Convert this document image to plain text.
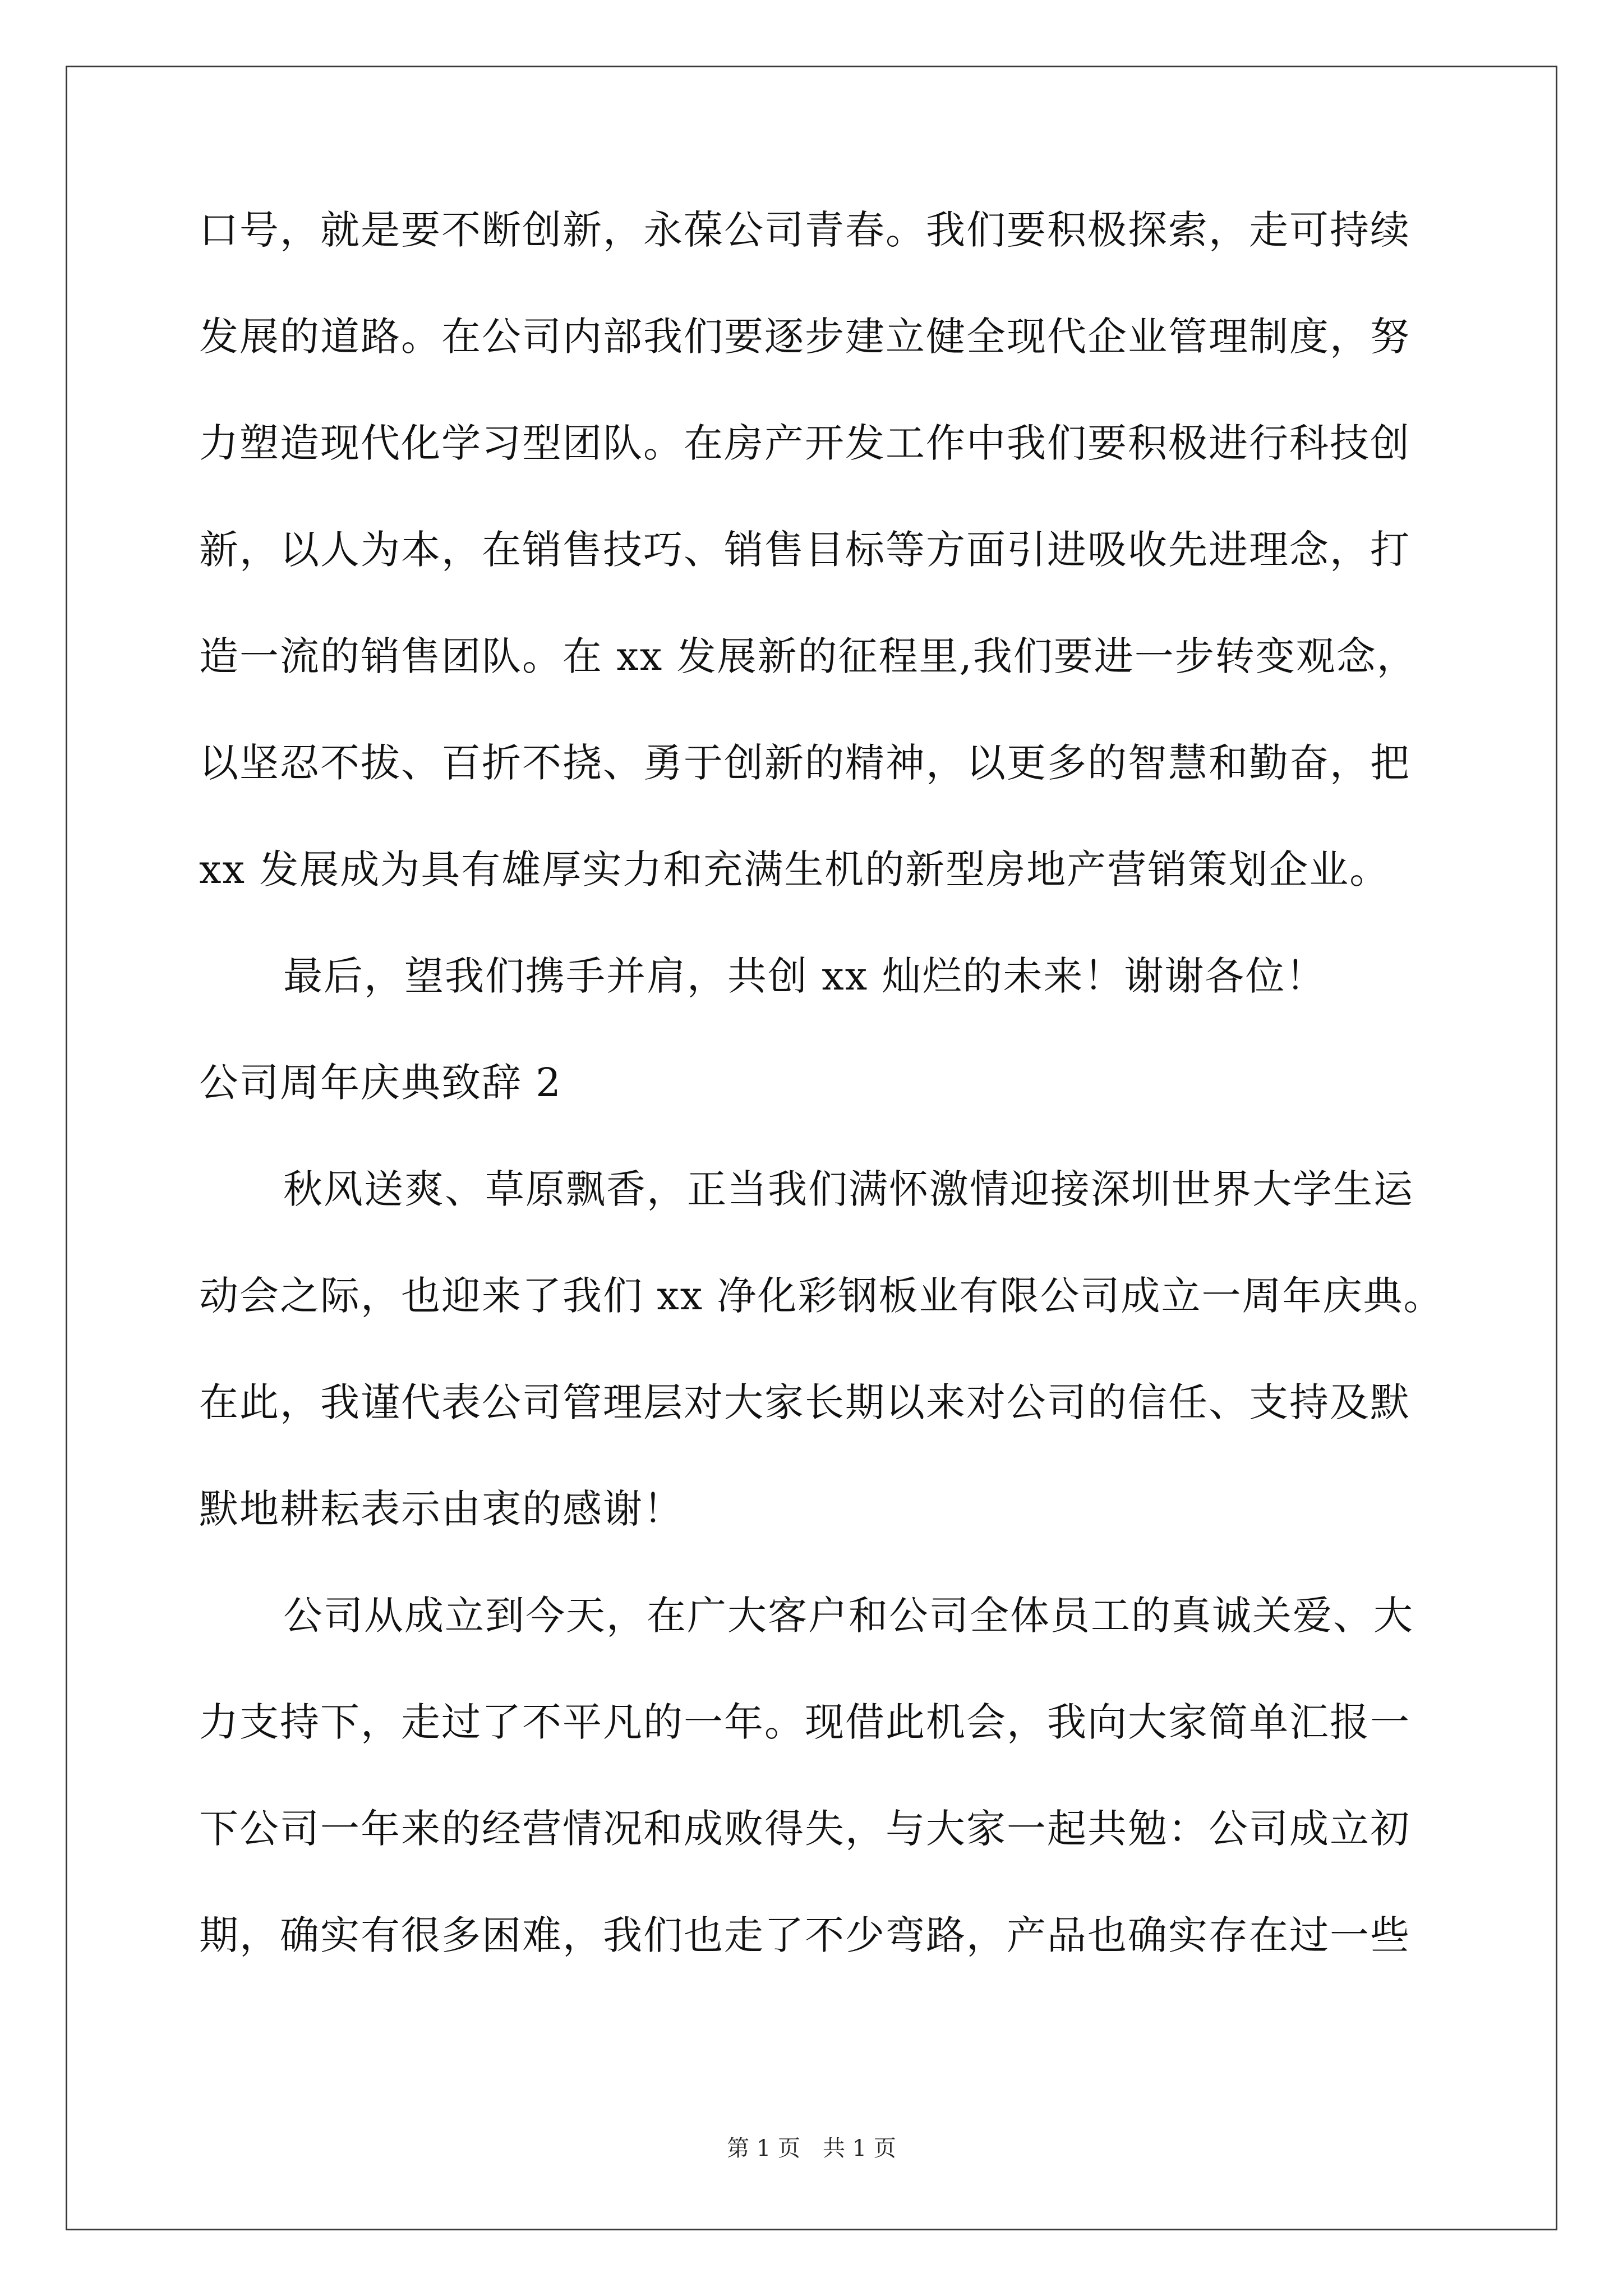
口号，就是要不断创新，永葆公司青春。我们要积极探索，走可持续
发展的道路。在公司内部我们要逐步建立健全现代企业管理制度，努
力塑造现代化学习型团队。在房产开发工作中我们要积极进行科技创
新，以人为本，在销售技巧、销售目标等方面引进吸收先进理念，打
造一流的销售团队。在 xx 发展新的征程里,我们要进一步转变观念，
以坚忍不拔、百折不挠、勇于创新的精神，以更多的智慧和勤奋，把
xx 发展成为具有雄厚实力和充满生机的新型房地产营销策划企业。
最后，望我们携手并肩，共创 xx 灿烂的未来！谢谢各位！
公司周年庆典致辞 2
秋风送爽、草原飘香，正当我们满怀激情迎接深圳世界大学生运
动会之际，也迎来了我们 xx 净化彩钢板业有限公司成立一周年庆典。
在此，我谨代表公司管理层对大家长期以来对公司的信任、支持及默
默地耕耘表示由衷的感谢！
公司从成立到今天，在广大客户和公司全体员工的真诚关爱、大
力支持下，走过了不平凡的一年。现借此机会，我向大家简单汇报一
下公司一年来的经营情况和成败得失，与大家一起共勉：公司成立初
期，确实有很多困难，我们也走了不少弯路，产品也确实存在过一些
第 1 页 共 1 页
